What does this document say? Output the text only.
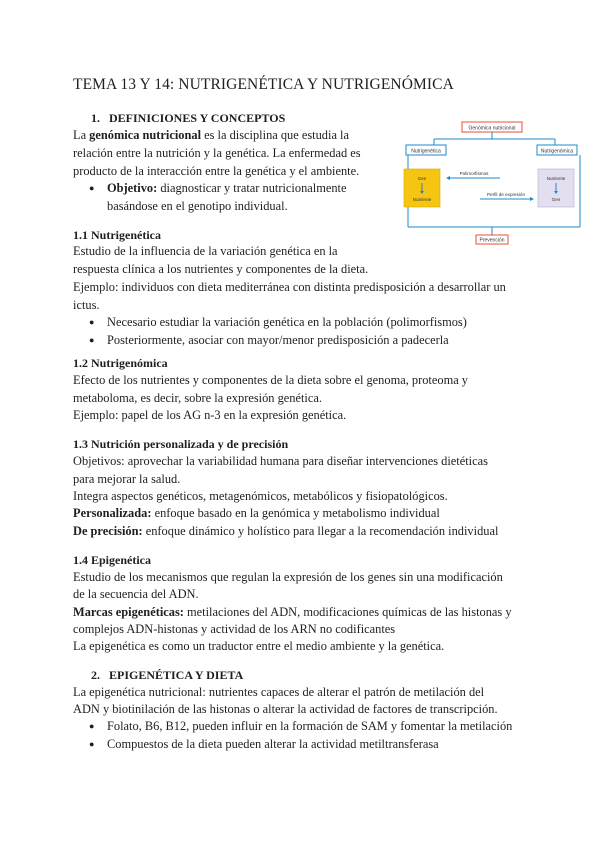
TEMA 13 Y 14: NUTRIGENÉTICA Y NUTRIGENÓMICA
1. DEFINICIONES Y CONCEPTOS

La genómica nutricional es la disciplina que estudia la

relación entre la nutrición y la genética. La enfermedad es

producto de la interacción entre la genética y el ambiente.

● Objetivo: diagnosticar y tratar nutricionalmente
basándose en el genotipo individual.
Genómica nutricional
Nutrigenética	Nutrigenómica
Gen
Nutriente
Nutriente
Gen
Polimorfismos
Perfil de expresión
Prevención
1.1 Nutrigenética

Estudio de la influencia de la variación genética en la

respuesta clínica a los nutrientes y componentes de la dieta.

Ejemplo: individuos con dieta mediterránea con distinta predisposición a desarrollar un

ictus.

● Necesario estudiar la variación genética en la población (polimorfismos)
● Posteriormente, asociar con mayor/menor predisposición a padecerla
1.2 Nutrigenómica

Efecto de los nutrientes y componentes de la dieta sobre el genoma, proteoma y

metaboloma, es decir, sobre la expresión genética.

Ejemplo: papel de los AG n-3 en la expresión genética.

1.3 Nutrición personalizada y de precisión

Objetivos: aprovechar la variabilidad humana para diseñar intervenciones dietéticas

para mejorar la salud.

Integra aspectos genéticos, metagenómicos, metabólicos y fisiopatológicos.

Personalizada: enfoque basado en la genómica y metabolismo individual

De precisión: enfoque dinámico y holístico para llegar a la recomendación individual

1.4 Epigenética

Estudio de los mecanismos que regulan la expresión de los genes sin una modificación

de la secuencia del ADN.

Marcas epigenéticas: metilaciones del ADN, modificaciones químicas de las histonas y

complejos ADN-histonas y actividad de los ARN no codificantes

La epigenética es como un traductor entre el medio ambiente y la genética.

2. EPIGENÉTICA Y DIETA

La epigenética nutricional: nutrientes capaces de alterar el patrón de metilación del

ADN y biotinilación de las histonas o alterar la actividad de factores de transcripción.

● Folato, B6, B12, pueden influir en la formación de SAM y fomentar la metilación
● Compuestos de la dieta pueden alterar la actividad metiltransferasa
